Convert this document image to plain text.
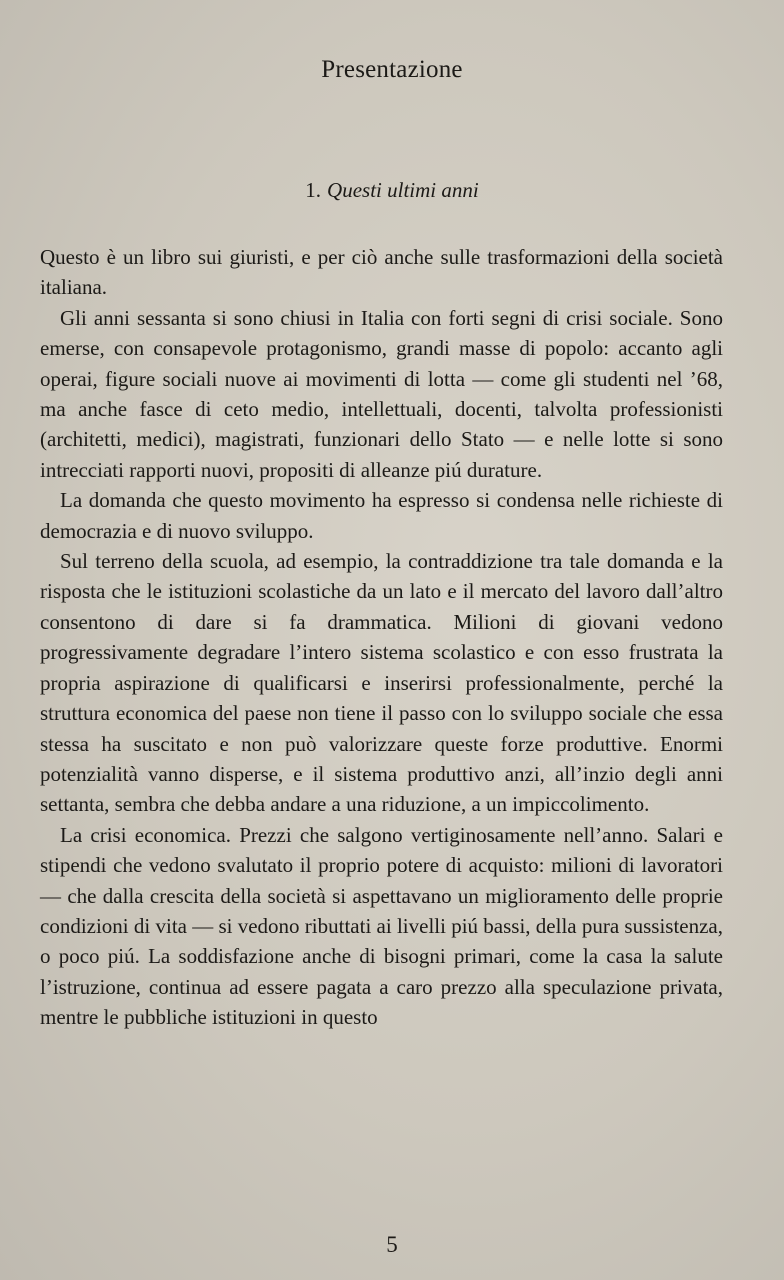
Presentazione
1. Questi ultimi anni

Questo è un libro sui giuristi, e per ciò anche sulle trasformazioni della società italiana.

Gli anni sessanta si sono chiusi in Italia con forti segni di crisi sociale. Sono emerse, con consapevole protagonismo, grandi masse di popolo: accanto agli operai, figure sociali nuove ai movimenti di lotta — come gli studenti nel ’68, ma anche fasce di ceto medio, intellettuali, docenti, talvolta professionisti (architetti, medici), magistrati, funzionari dello Stato — e nelle lotte si sono intrecciati rapporti nuovi, propositi di alleanze piú durature.

La domanda che questo movimento ha espresso si condensa nelle richieste di democrazia e di nuovo sviluppo.

Sul terreno della scuola, ad esempio, la contraddizione tra tale domanda e la risposta che le istituzioni scolastiche da un lato e il mercato del lavoro dall’altro consentono di dare si fa drammatica. Milioni di giovani vedono progressivamente degradare l’intero sistema scolastico e con esso frustrata la propria aspirazione di qualificarsi e inserirsi professionalmente, perché la struttura economica del paese non tiene il passo con lo sviluppo sociale che essa stessa ha suscitato e non può valorizzare queste forze produttive. Enormi potenzialità vanno disperse, e il sistema produttivo anzi, all’inzio degli anni settanta, sembra che debba andare a una riduzione, a un impiccolimento.

La crisi economica. Prezzi che salgono vertiginosamente nell’anno. Salari e stipendi che vedono svalutato il proprio potere di acquisto: milioni di lavoratori — che dalla crescita della società si aspettavano un miglioramento delle proprie condizioni di vita — si vedono ributtati ai livelli piú bassi, della pura sussistenza, o poco piú. La soddisfazione anche di bisogni primari, come la casa la salute l’istruzione, continua ad essere pagata a caro prezzo alla speculazione privata, mentre le pubbliche istituzioni in questo

5
